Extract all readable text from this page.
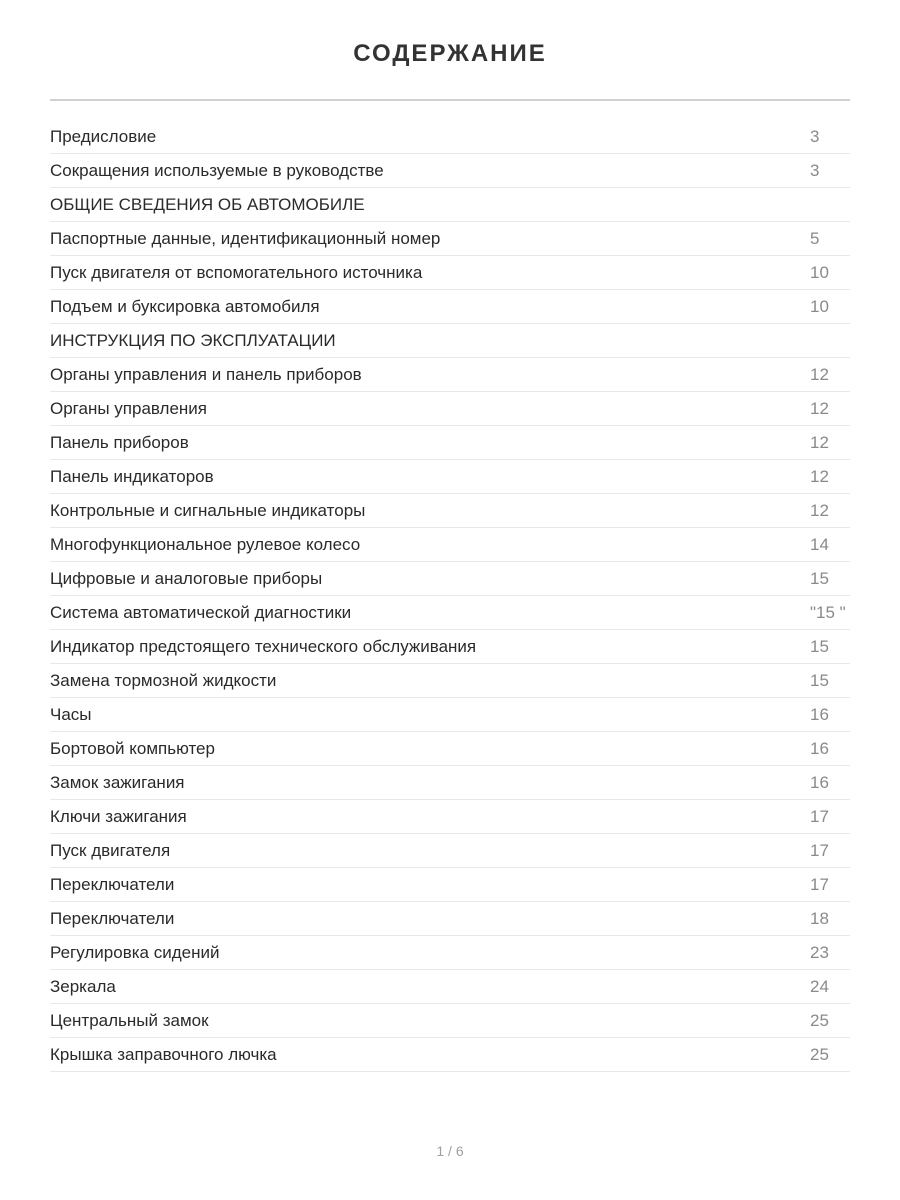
СОДЕРЖАНИЕ
Предисловие	3
Сокращения используемые в руководстве	3
ОБЩИЕ СВЕДЕНИЯ ОБ АВТОМОБИЛЕ
Паспортные данные, идентификационный номер	5
Пуск двигателя от вспомогательного источника	10
Подъем и буксировка автомобиля	10
ИНСТРУКЦИЯ ПО ЭКСПЛУАТАЦИИ
Органы управления и панель приборов	12
Органы управления	12
Панель приборов	12
Панель индикаторов	12
Контрольные и сигнальные индикаторы	12
Многофункциональное рулевое колесо	14
Цифровые и аналоговые приборы	15
Система автоматической диагностики	"15 "
Индикатор предстоящего технического обслуживания	15
Замена тормозной жидкости	15
Часы	16
Бортовой компьютер	16
Замок зажигания	16
Ключи зажигания	17
Пуск двигателя	17
Переключатели	17
Переключатели	18
Регулировка сидений	23
Зеркала	24
Центральный замок	25
Крышка заправочного лючка	25
1 / 6
